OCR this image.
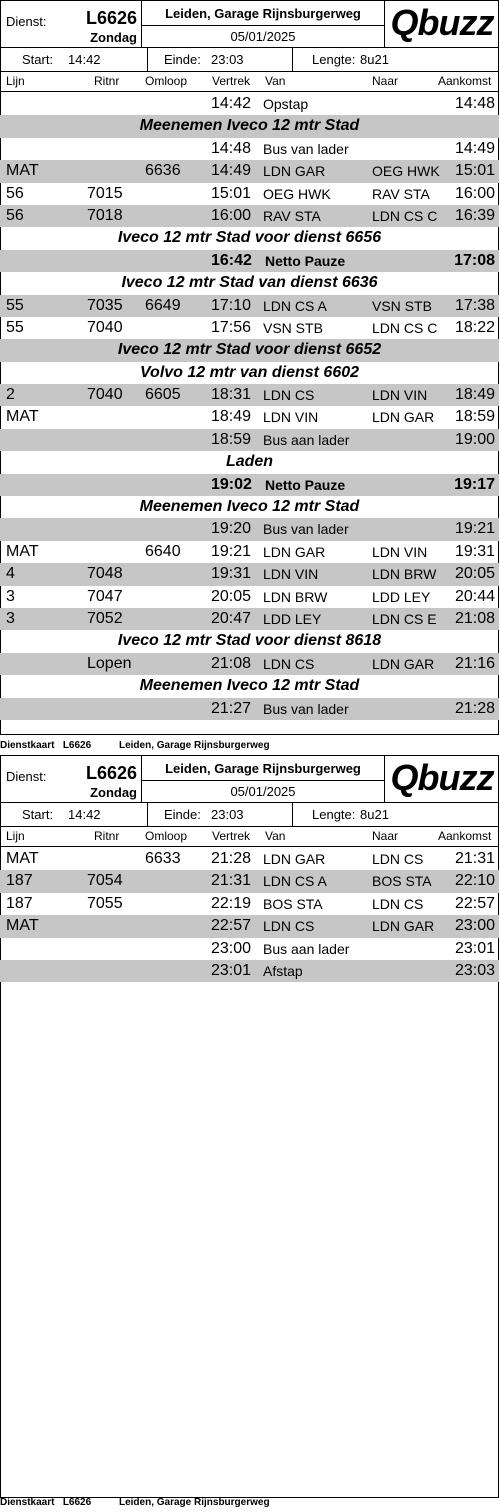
Dienst: L6626
Zondag
Leiden, Garage Rijnsburgerweg
05/01/2025	Qbuzz
Start: 14:42	Einde: 23:03	Lengte: 8u21
Lijn	Ritnr Omloop Vertrek Van	Naar	Aankomst
14:42 Opstap	14:48
Meenemen Iveco 12 mtr Stad
14:48 Bus van lader	14:49
MAT	6636 14:49 LDN GAR	OEG HWK 15:01
56	7015	15:01 OEG HWK	RAV STA 16:00
56	7018	16:00 RAV STA	LDN CS C 16:39
Iveco 12 mtr Stad voor dienst 6656
16:42 Netto Pauze	17:08
Iveco 12 mtr Stad van dienst 6636
55	7035 6649 17:10 LDN CS A	VSN STB 17:38
55	7040	17:56 VSN STB	LDN CS C 18:22
Iveco 12 mtr Stad voor dienst 6652
Volvo 12 mtr van dienst 6602
2	7040 6605 18:31 LDN CS	LDN VIN 18:49
MAT	18:49 LDN VIN	LDN GAR 18:59
18:59 Bus aan lader	19:00
Laden
19:02 Netto Pauze	19:17
Meenemen Iveco 12 mtr Stad
19:20 Bus van lader	19:21
MAT	6640 19:21 LDN GAR	LDN VIN 19:31
4	7048	19:31 LDN VIN	LDN BRW 20:05
3	7047	20:05 LDN BRW	LDD LEY 20:44
3	7052	20:47 LDD LEY	LDN CS E 21:08
Iveco 12 mtr Stad voor dienst 8618
Lopen	21:08 LDN CS	LDN GAR 21:16
Meenemen Iveco 12 mtr Stad
21:27 Bus van lader	21:28
Dienstkaart L6626	Leiden, Garage Rijnsburgerweg
Dienst: L6626
Zondag
Leiden, Garage Rijnsburgerweg
05/01/2025	Qbuzz
Start: 14:42	Einde: 23:03	Lengte: 8u21
Lijn	Ritnr Omloop Vertrek Van	Naar	Aankomst
MAT	6633 21:28 LDN GAR	LDN CS 21:31
187	7054	21:31 LDN CS A	BOS STA 22:10
187	7055	22:19 BOS STA	LDN CS 22:57
MAT	22:57 LDN CS	LDN GAR 23:00
23:00 Bus aan lader	23:01
23:01 Afstap	23:03
Dienstkaart L6626	Leiden, Garage Rijnsburgerweg
